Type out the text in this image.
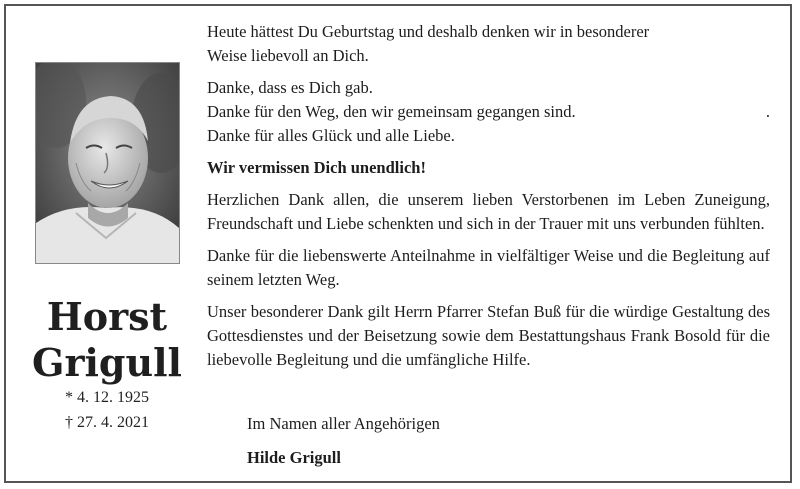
Horst
Grigull
* 4. 12. 1925
† 27. 4. 2021

Heute hättest Du Geburtstag und deshalb denken wir in besonderer
Weise liebevoll an Dich.

Danke, dass es Dich gab.
Danke für den Weg, den wir gemeinsam gegangen sind.	.
Danke für alles Glück und alle Liebe.

Wir vermissen Dich unendlich!

Herzlichen Dank allen, die unserem lieben Verstorbenen im Leben Zuneigung, Freundschaft und Liebe schenkten und sich in der Trauer mit uns verbunden fühlten.

Danke für die liebenswerte Anteilnahme in vielfältiger Weise und die Begleitung auf seinem letzten Weg.

Unser besonderer Dank gilt Herrn Pfarrer Stefan Buß für die würdige Gestaltung des Gottesdienstes und der Beisetzung sowie dem Bestattungshaus Frank Bosold für die liebevolle Begleitung und die umfängliche Hilfe.

Im Namen aller Angehörigen
Hilde Grigull
